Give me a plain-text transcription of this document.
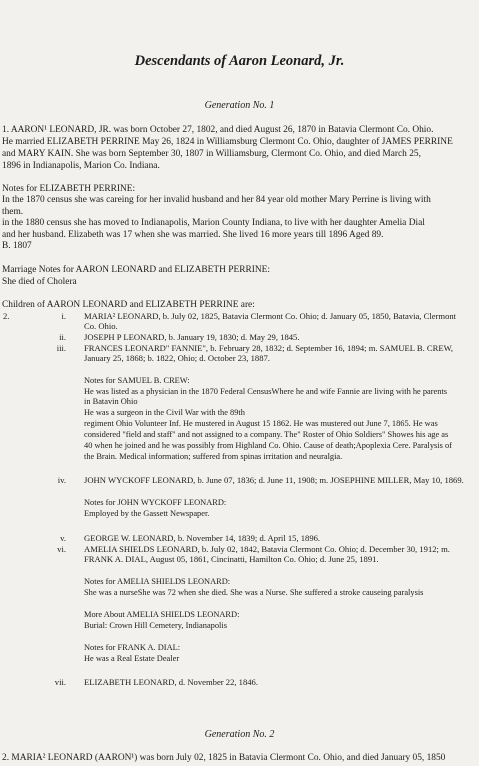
Descendants of Aaron Leonard, Jr.
Generation No. 1
1. AARON¹ LEONARD, JR. was born October 27, 1802, and died August 26, 1870 in Batavia Clermont Co. Ohio.
He married ELIZABETH PERRINE May 26, 1824 in Williamsburg Clermont Co. Ohio, daughter of JAMES PERRINE
and MARY KAIN. She was born September 30, 1807 in Williamsburg, Clermont Co. Ohio, and died March 25,
1896 in Indianapolis, Marion Co. Indiana.
Notes for ELIZABETH PERRINE:
In the 1870 census she was careing for her invalid husband and her 84 year old mother Mary Perrine is living with
them.
in the 1880 census she has moved to Indianapolis, Marion County Indiana, to live with her daughter Amelia Dial
and her husband. Elizabeth was 17 when she was married. She lived 16 more years till 1896 Aged 89.
B. 1807
Marriage Notes for AARON LEONARD and ELIZABETH PERRINE:
She died of Cholera
Children of AARON LEONARD and ELIZABETH PERRINE are:
2.	i. MARIA² LEONARD, b. July 02, 1825, Batavia Clermont Co. Ohio; d. January 05, 1850, Batavia, Clermont
Co. Ohio.
ii. JOSEPH P LEONARD, b. January 19, 1830; d. May 29, 1845.
iii. FRANCES LEONARD" FANNIE", b. February 28, 1832; d. September 16, 1894; m. SAMUEL B. CREW,
January 25, 1868; b. 1822, Ohio; d. October 23, 1887.
Notes for SAMUEL B. CREW:
He was listed as a physician in the 1870 Federal CensusWhere he and wife Fannie are living with he parents
in Batavin Ohio
He was a surgeon in the Civil War with the 89th
regiment Ohio Volunteer Inf. He mustered in August 15 1862. He was mustered out June 7, 1865. He was
considered "field and staff" and not assigned to a company. The" Roster of Ohio Soldiers" Showes his age as
40 when he joined and he was possibly from Highland Co. Ohio. Cause of death;Apoplexia Cere. Paralysis of
the Brain. Medical information; suffered from spinas irritation and neuralgia.
iv. JOHN WYCKOFF LEONARD, b. June 07, 1836; d. June 11, 1908; m. JOSEPHINE MILLER, May 10, 1869.
Notes for JOHN WYCKOFF LEONARD:
Employed by the Gassett Newspaper.
v. GEORGE W. LEONARD, b. November 14, 1839; d. April 15, 1896.
vi. AMELIA SHIELDS LEONARD, b. July 02, 1842, Batavia Clermont Co. Ohio; d. December 30, 1912; m.
FRANK A. DIAL, August 05, 1861, Cincinatti, Hamilton Co. Ohio; d. June 25, 1891.
Notes for AMELIA SHIELDS LEONARD:
She was a nurseShe was 72 when she died. She was a Nurse. She suffered a stroke causeing paralysis
More About AMELIA SHIELDS LEONARD:
Burial: Crown Hill Cemetery, Indianapolis
Notes for FRANK A. DIAL:
He was a Real Estate Dealer
vii. ELIZABETH LEONARD, d. November 22, 1846.
Generation No. 2
2. MARIA² LEONARD (AARON¹) was born July 02, 1825 in Batavia Clermont Co. Ohio, and died January 05, 1850
